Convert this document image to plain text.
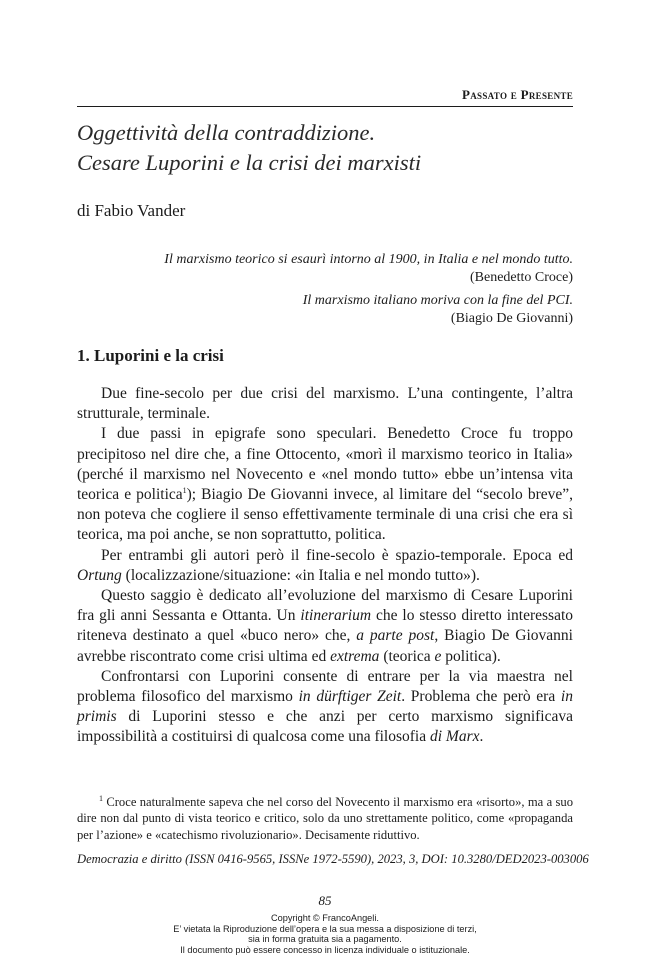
Passato e Presente
Oggettività della contraddizione.
Cesare Luporini e la crisi dei marxisti
di Fabio Vander
Il marxismo teorico si esaurì intorno al 1900, in Italia e nel mondo tutto.
(Benedetto Croce)
Il marxismo italiano moriva con la fine del PCI.
(Biagio De Giovanni)
1. Luporini e la crisi

Due fine-secolo per due crisi del marxismo. L’una contingente, l’altra strutturale, terminale.

I due passi in epigrafe sono speculari. Benedetto Croce fu troppo precipitoso nel dire che, a fine Ottocento, «morì il marxismo teorico in Italia» (perché il marxismo nel Novecento e «nel mondo tutto» ebbe un’intensa vita teorica e politica$^1$); Biagio De Giovanni invece, al limitare del “secolo breve”, non poteva che cogliere il senso effettivamente terminale di una crisi che era sì teorica, ma poi anche, se non soprattutto, politica.

Per entrambi gli autori però il fine-secolo è spazio-temporale. Epoca ed Ortung (localizzazione/situazione: «in Italia e nel mondo tutto»).

Questo saggio è dedicato all’evoluzione del marxismo di Cesare Luporini fra gli anni Sessanta e Ottanta. Un itinerarium che lo stesso diretto interessato riteneva destinato a quel «buco nero» che, a parte post, Biagio De Giovanni avrebbe riscontrato come crisi ultima ed extrema (teorica e politica).

Confrontarsi con Luporini consente di entrare per la via maestra nel problema filosofico del marxismo in dürftiger Zeit. Problema che però era in primis di Luporini stesso e che anzi per certo marxismo significava impossibilità a costituirsi di qualcosa come una filosofia di Marx.

$^1$ Croce naturalmente sapeva che nel corso del Novecento il marxismo era «risorto», ma a suo dire non dal punto di vista teorico e critico, solo da uno strettamente politico, come «propaganda per l’azione» e «catechismo rivoluzionario». Decisamente riduttivo.

Democrazia e diritto (ISSN 0416-9565, ISSNe 1972-5590), 2023, 3, DOI: 10.3280/DED2023-003006
85
Copyright © FrancoAngeli.
E’ vietata la Riproduzione dell’opera e la sua messa a disposizione di terzi,
sia in forma gratuita sia a pagamento.
Il documento può essere concesso in licenza individuale o istituzionale.
